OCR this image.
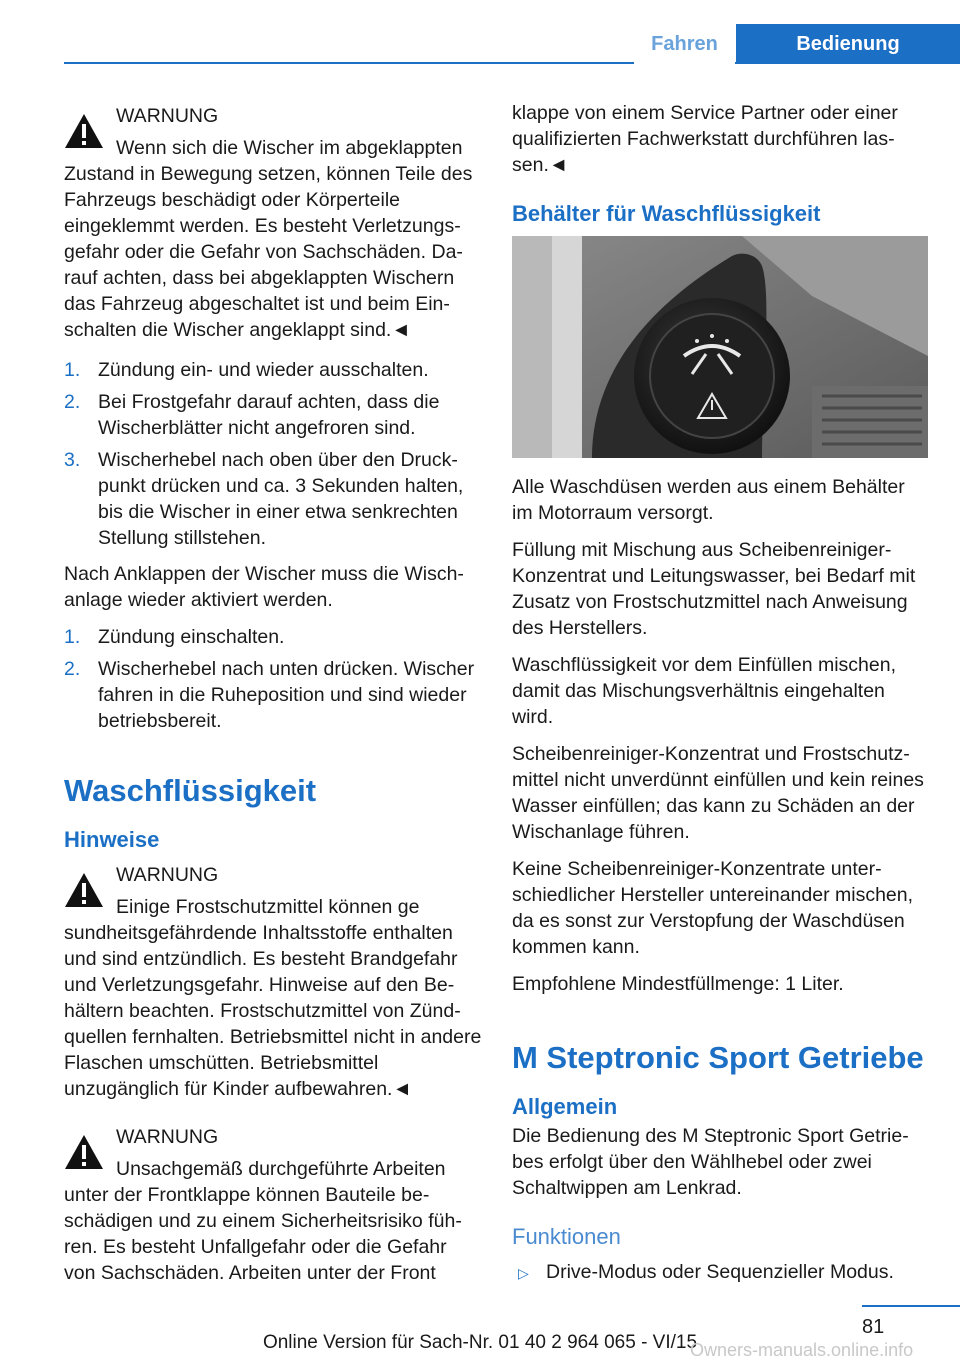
Fahren	Bedienung
WARNUNG
Wenn sich die Wischer im abgeklappten
Zustand in Bewegung setzen, können Teile des Fahrzeugs beschädigt oder Körperteile eingeklemmt werden. Es besteht Verletzungsgefahr oder die Gefahr von Sachschäden. Darauf achten, dass bei abgeklappten Wischern das Fahrzeug abgeschaltet ist und beim Einschalten die Wischer angeklappt sind.◄
1. Zündung ein- und wieder ausschalten.
2. Bei Frostgefahr darauf achten, dass die Wischerblätter nicht angefroren sind.
3. Wischerhebel nach oben über den Druckpunkt drücken und ca. 3 Sekunden halten, bis die Wischer in einer etwa senkrechten Stellung stillstehen.

Nach Anklappen der Wischer muss die Wischanlage wieder aktiviert werden.

1. Zündung einschalten.
2. Wischerhebel nach unten drücken. Wischer fahren in die Ruheposition und sind wieder betriebsbereit.
Waschflüssigkeit
Hinweise
WARNUNG
Einige Frostschutzmittel können ge
sundheitsgefährdende Inhaltsstoffe enthalten und sind entzündlich. Es besteht Brandgefahr und Verletzungsgefahr. Hinweise auf den Behältern beachten. Frostschutzmittel von Zündquellen fernhalten. Betriebsmittel nicht in andere Flaschen umschütten. Betriebsmittel unzugänglich für Kinder aufbewahren.◄
WARNUNG
Unsachgemäß durchgeführte Arbeiten
unter der Frontklappe können Bauteile beschädigen und zu einem Sicherheitsrisiko führen. Es besteht Unfallgefahr oder die Gefahr von Sachschäden. Arbeiten unter der Front

klappe von einem Service Partner oder einer qualifizierten Fachwerkstatt durchführen lassen.◄

Behälter für Waschflüssigkeit

Alle Waschdüsen werden aus einem Behälter im Motorraum versorgt.

Füllung mit Mischung aus Scheibenreiniger-Konzentrat und Leitungswasser, bei Bedarf mit Zusatz von Frostschutzmittel nach Anweisung des Herstellers.

Waschflüssigkeit vor dem Einfüllen mischen, damit das Mischungsverhältnis eingehalten wird.

Scheibenreiniger-Konzentrat und Frostschutzmittel nicht unverdünnt einfüllen und kein reines Wasser einfüllen; das kann zu Schäden an der Wischanlage führen.

Keine Scheibenreiniger-Konzentrate unterschiedlicher Hersteller untereinander mischen, da es sonst zur Verstopfung der Waschdüsen kommen kann.

Empfohlene Mindestfüllmenge: 1 Liter.

M Steptronic Sport Getriebe
Allgemein

Die Bedienung des M Steptronic Sport Getriebes erfolgt über den Wählhebel oder zwei Schaltwippen am Lenkrad.

Funktionen
▷ Drive-Modus oder Sequenzieller Modus.
81
Online Version für Sach-Nr. 01 40 2 964 065 - VI/15
Owners-manuals.online.info
